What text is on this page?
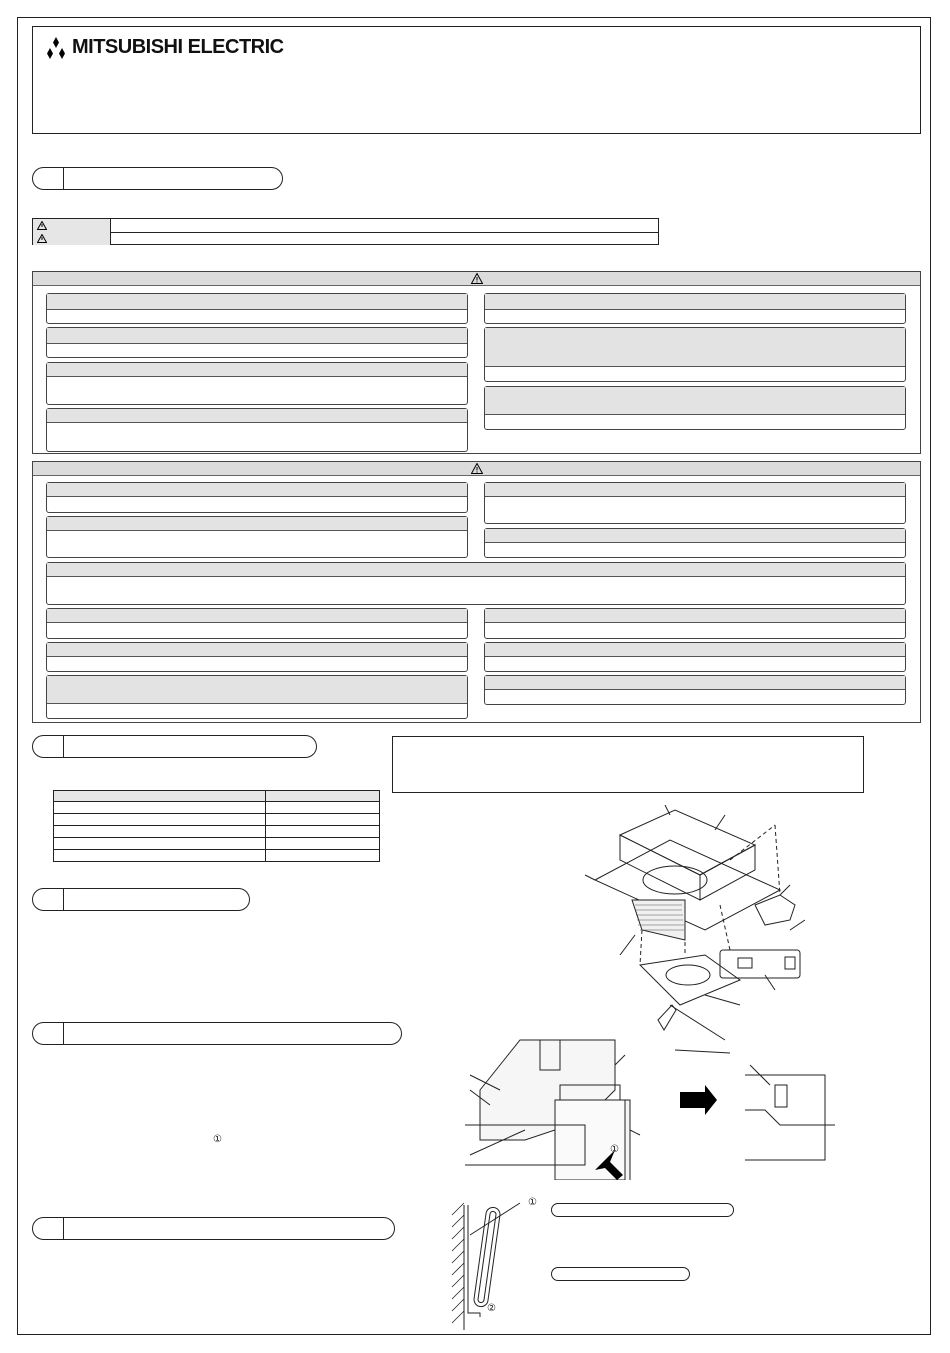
MITSUBISHI ELECTRIC

①
①
①
②
